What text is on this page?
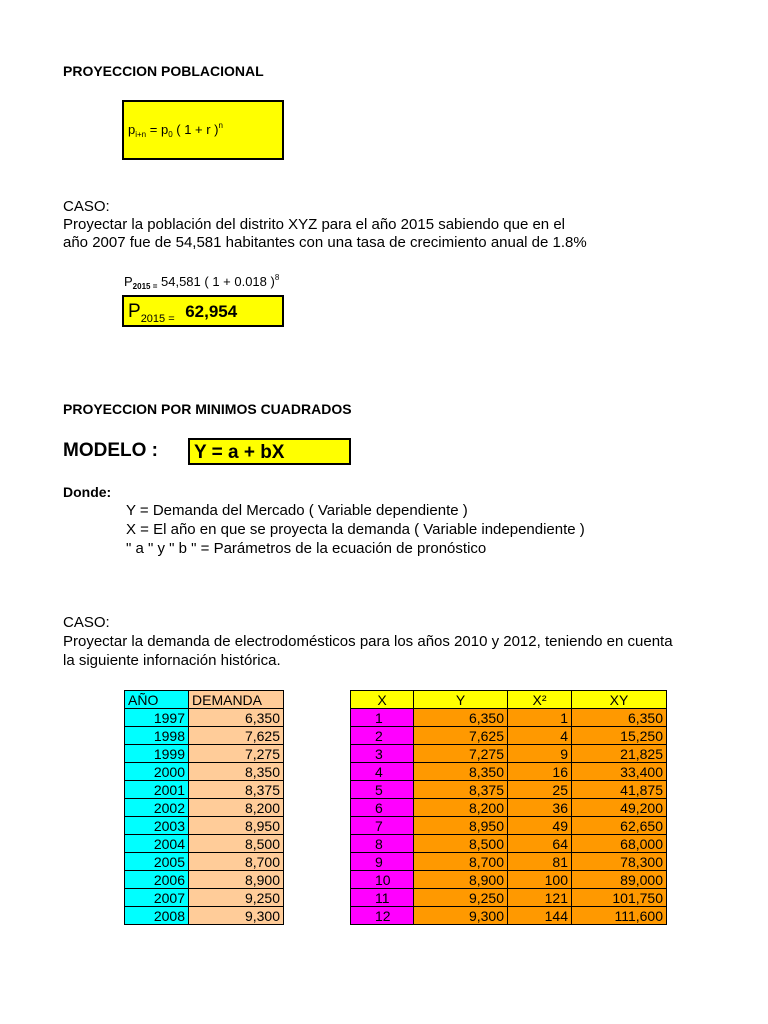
PROYECCION POBLACIONAL
$p_{i+n} = p_0$ ( 1 + r )$^n$
CASO:
Proyectar la población del distrito XYZ para el año 2015 sabiendo que en el
año 2007 fue de 54,581 habitantes con una tasa de crecimiento anual de 1.8%
$P_{2015 =}$ 54,581 ( 1 + 0.018 )$^8$
$P_{2015 =}$ 62,954
PROYECCION POR MINIMOS CUADRADOS
MODELO : Y = a + bX
Donde:
Y = Demanda del Mercado ( Variable dependiente )
X = El año en que se proyecta la demanda ( Variable independiente )
" a " y " b " = Parámetros de la ecuación de pronóstico
CASO:
Proyectar la demanda de electrodomésticos para los años 2010 y 2012, teniendo en cuenta
la siguiente infornación histórica.
AÑO	DEMANDA
1997	6,350
1998	7,625
1999	7,275
2000	8,350
2001	8,375
2002	8,200
2003	8,950
2004	8,500
2005	8,700
2006	8,900
2007	9,250
2008	9,300
X	Y	X²	XY
1	6,350	1	6,350
2	7,625	4	15,250
3	7,275	9	21,825
4	8,350	16	33,400
5	8,375	25	41,875
6	8,200	36	49,200
7	8,950	49	62,650
8	8,500	64	68,000
9	8,700	81	78,300
10	8,900	100	89,000
11	9,250	121	101,750
12	9,300	144	111,600
